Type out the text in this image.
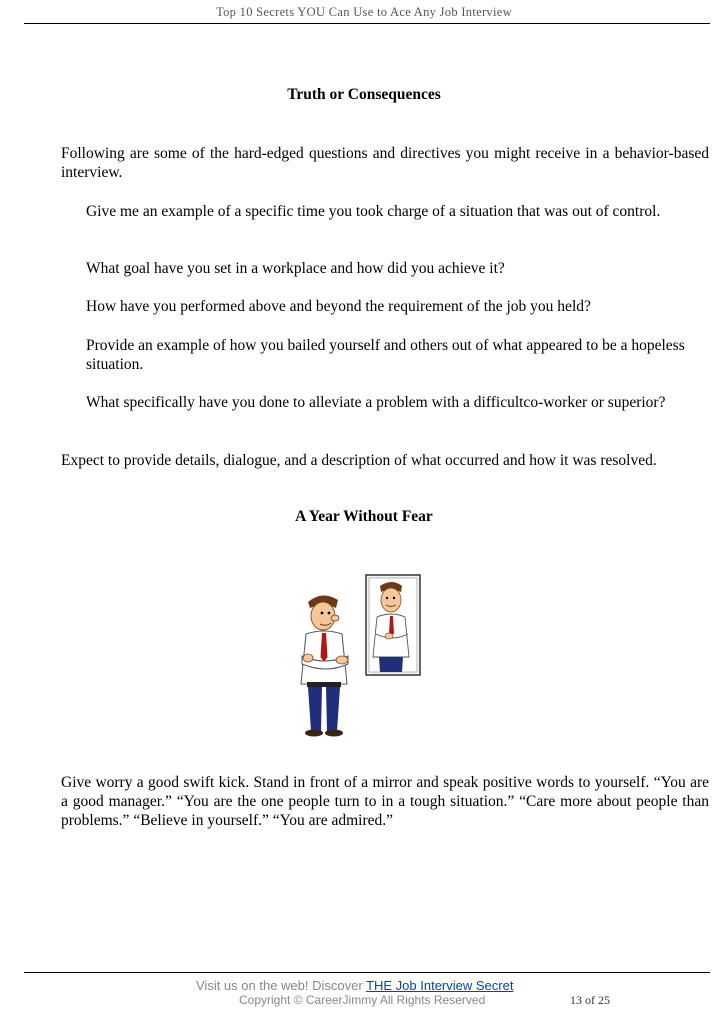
Top 10 Secrets YOU Can Use to Ace Any Job Interview
Truth or Consequences
Following are some of the hard-edged questions and directives you might receive in a behavior-based interview.
Give me an example of a specific time you took charge of a situation that was out of control.
What goal have you set in a workplace and how did you achieve it?
How have you performed above and beyond the requirement of the job you held?
Provide an example of how you bailed yourself and others out of what appeared to be a hopeless situation.
What specifically have you done to alleviate a problem with a difficultco-worker or superior?
Expect to provide details, dialogue, and a description of what occurred and how it was resolved.
A Year Without Fear
Give worry a good swift kick. Stand in front of a mirror and speak positive words to yourself. “You are a good manager.” “You are the one people turn to in a tough situation.” “Care more about people than problems.” “Believe in yourself.” “You are admired.”
Visit us on the web! Discover THE Job Interview Secret
Copyright © CareerJimmy All Rights Reserved	13 of 25
